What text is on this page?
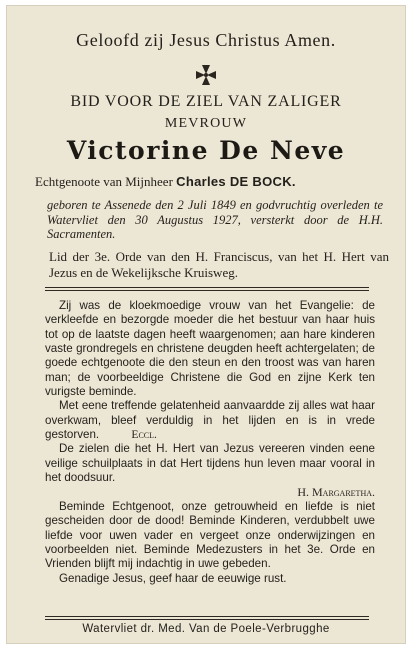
Geloofd zij Jesus Christus Amen.
BID VOOR DE ZIEL VAN ZALIGER
MEVROUW
Victorine De Neve
Echtgenoote van Mijnheer Charles DE BOCK.
geboren te Assenede den 2 Juli 1849 en godvruchtig overleden te Watervliet den 30 Augustus 1927, versterkt door de H.H. Sacramenten.
Lid der 3e. Orde van den H. Franciscus, van het H. Hert van Jezus en de Wekelijksche Kruisweg.

Zij was de kloekmoedige vrouw van het Evangelie: de verkleefde en bezorgde moeder die het bestuur van haar huis tot op de laatste dagen heeft waargenomen; aan hare kinderen vaste grondregels en christene deugden heeft achtergelaten; de goede echtgenoote die den steun en den troost was van haren man; de voorbeeldige Christene die God en zijne Kerk ten vurigste beminde.

Met eene treffende gelatenheid aanvaardde zij alles wat haar overkwam, bleef verduldig in het lijden en is in vrede gestorven.	Eccl.

De zielen die het H. Hert van Jezus vereeren vinden eene veilige schuilplaats in dat Hert tijdens hun leven maar vooral in het doodsuur.

H. Margaretha.

Beminde Echtgenoot, onze getrouwheid en liefde is niet gescheiden door de dood! Beminde Kinderen, verdubbelt uwe liefde voor uwen vader en vergeet onze onderwijzingen en voorbeelden niet. Beminde Medezusters in het 3e. Orde en Vrienden blijft mij indachtig in uwe gebeden.

Genadige Jesus, geef haar de eeuwige rust.

Watervliet dr. Med. Van de Poele-Verbrugghe
